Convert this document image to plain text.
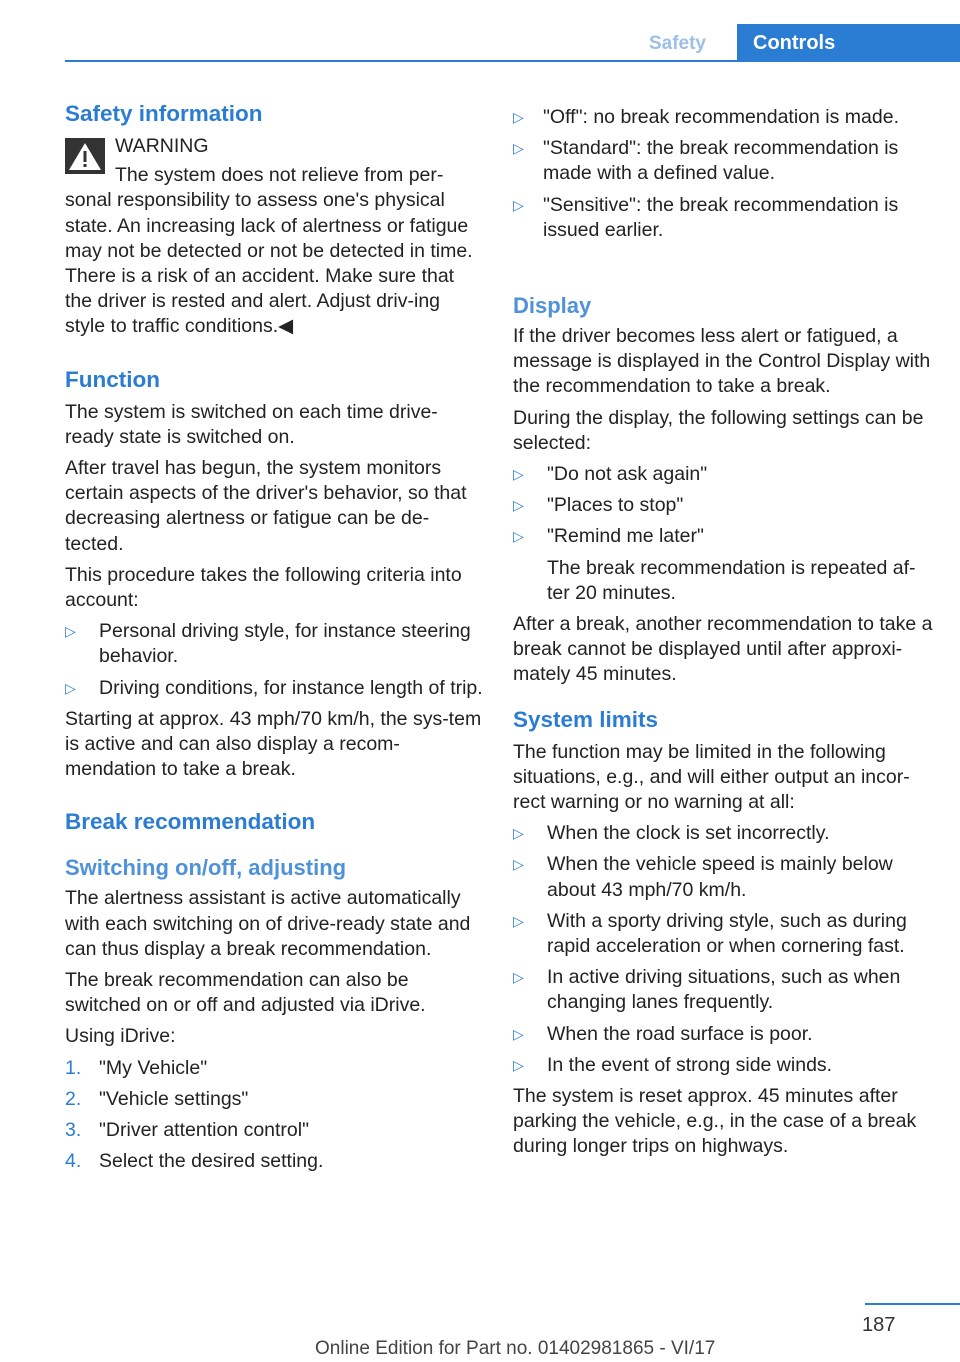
Safety	Controls
Safety information

WARNING

The system does not relieve from per-

sonal responsibility to assess one's physical state. An increasing lack of alertness or fatigue may not be detected or not be detected in time. There is a risk of an accident. Make sure that the driver is rested and alert. Adjust driv-ing style to traffic conditions.◀

Function

The system is switched on each time drive-ready state is switched on.

After travel has begun, the system monitors certain aspects of the driver's behavior, so that decreasing alertness or fatigue can be de-tected.

This procedure takes the following criteria into account:

▷ Personal driving style, for instance steering behavior.
▷ Driving conditions, for instance length of trip.

Starting at approx. 43 mph/70 km/h, the sys-tem is active and can also display a recom-mendation to take a break.

Break recommendation
Switching on/off, adjusting

The alertness assistant is active automatically with each switching on of drive-ready state and can thus display a break recommendation.

The break recommendation can also be switched on or off and adjusted via iDrive.

Using iDrive:

1. "My Vehicle"
2. "Vehicle settings"
3. "Driver attention control"
4. Select the desired setting.
▷ "Off": no break recommendation is made.
▷ "Standard": the break recommendation is made with a defined value.
▷ "Sensitive": the break recommendation is issued earlier.
Display

If the driver becomes less alert or fatigued, a message is displayed in the Control Display with the recommendation to take a break.

During the display, the following settings can be selected:

▷ "Do not ask again"
▷ "Places to stop"
▷ "Remind me later"

The break recommendation is repeated af-ter 20 minutes.

After a break, another recommendation to take a break cannot be displayed until after approxi-mately 45 minutes.

System limits

The function may be limited in the following situations, e.g., and will either output an incor-rect warning or no warning at all:

▷ When the clock is set incorrectly.
▷ When the vehicle speed is mainly below about 43 mph/70 km/h.
▷ With a sporty driving style, such as during rapid acceleration or when cornering fast.
▷ In active driving situations, such as when changing lanes frequently.
▷ When the road surface is poor.
▷ In the event of strong side winds.

The system is reset approx. 45 minutes after parking the vehicle, e.g., in the case of a break during longer trips on highways.

187
Online Edition for Part no. 01402981865 - VI/17
